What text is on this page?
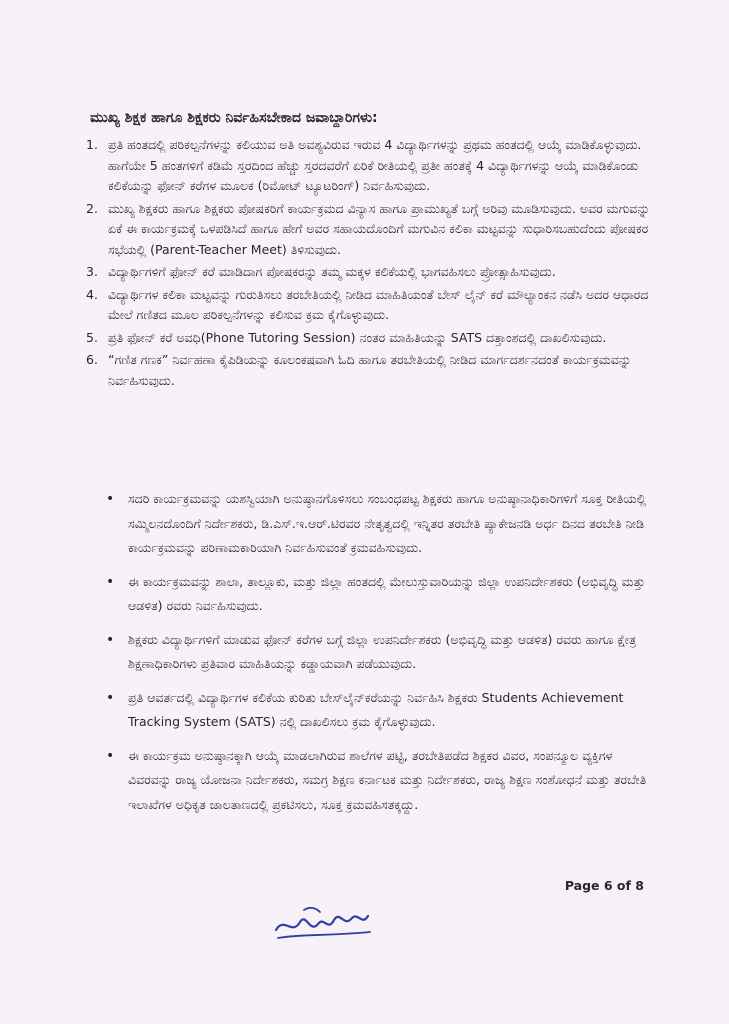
ಮುಖ್ಯ ಶಿಕ್ಷಕ ಹಾಗೂ ಶಿಕ್ಷಕರು ನಿರ್ವಹಿಸಬೇಕಾದ ಜವಾಬ್ದಾರಿಗಳು:
1. ಪ್ರತಿ ಹಂತದಲ್ಲಿ ಪರಿಕಲ್ಪನೆಗಳನ್ನು ಕಲಿಯುವ ಅತಿ ಅವಶ್ಯವಿರುವ ಇರುವ 4 ವಿದ್ಯಾರ್ಥಿಗಳನ್ನು ಪ್ರಥಮ ಹಂತದಲ್ಲಿ ಆಯ್ಕೆ ಮಾಡಿಕೊಳ್ಳುವುದು. ಹಾಗೆಯೇ 5 ಹಂತಗಳಿಗೆ ಕಡಿಮೆ ಸ್ತರದಿಂದ ಹೆಚ್ಚು ಸ್ತರದವರೆಗೆ ಏರಿಕೆ ರೀತಿಯಲ್ಲಿ ಪ್ರತೀ ಹಂತಕ್ಕೆ 4 ವಿದ್ಯಾರ್ಥಿಗಳನ್ನು ಆಯ್ಕೆ ಮಾಡಿಕೊಂಡು ಕಲಿಕೆಯನ್ನು ಫೋನ್ ಕರೆಗಳ ಮೂಲಕ (ರಿಮೋಟ್ ಟ್ಯೂಟರಿಂಗ್) ನಿರ್ವಹಿಸುವುದು.
2. ಮುಖ್ಯ ಶಿಕ್ಷಕರು ಹಾಗೂ ಶಿಕ್ಷಕರು ಪೋಷಕರಿಗೆ ಕಾರ್ಯಕ್ರಮದ ವಿನ್ಯಾಸ ಹಾಗೂ ಪ್ರಾಮುಖ್ಯತೆ ಬಗ್ಗೆ ಅರಿವು ಮೂಡಿಸುವುದು. ಅವರ ಮಗುವನ್ನು ಏಕೆ ಈ ಕಾರ್ಯಕ್ರಮಕ್ಕೆ ಒಳಪಡಿಸಿದೆ ಹಾಗೂ ಹೇಗೆ ಅವರ ಸಹಾಯದೊಂದಿಗೆ ಮಗುವಿನ ಕಲಿಕಾ ಮಟ್ಟವನ್ನು ಸುಧಾರಿಸಬಹುದೆಂದು ಪೋಷಕರ ಸಭೆಯಲ್ಲಿ (Parent-Teacher Meet) ತಿಳಿಸುವುದು.
3. ವಿದ್ಯಾರ್ಥಿಗಳಿಗೆ ಫೋನ್ ಕರೆ ಮಾಡಿದಾಗ ಪೋಷಕರನ್ನು ತಮ್ಮ ಮಕ್ಕಳ ಕಲಿಕೆಯಲ್ಲಿ ಭಾಗವಹಿಸಲು ಪ್ರೋತ್ಸಾಹಿಸುವುದು.
4. ವಿದ್ಯಾರ್ಥಿಗಳ ಕಲಿಕಾ ಮಟ್ಟವನ್ನು ಗುರುತಿಸಲು ತರಬೇತಿಯಲ್ಲಿ ನೀಡಿದ ಮಾಹಿತಿಯಂತೆ ಬೇಸ್ ಲೈನ್ ಕರೆ ಮೌಲ್ಯಾಂಕನ ನಡೆಸಿ ಅದರ ಆಧಾರದ ಮೇಲೆ ಗಣಿತದ ಮೂಲ ಪರಿಕಲ್ಪನೆಗಳನ್ನು ಕಲಿಸುವ ಕ್ರಮ ಕೈಗೊಳ್ಳುವುದು.
5. ಪ್ರತಿ ಫೋನ್ ಕರೆ ಅವಧಿ(Phone Tutoring Session) ನಂತರ ಮಾಹಿತಿಯನ್ನು SATS ದತ್ತಾಂಶದಲ್ಲಿ ದಾಖಲಿಸುವುದು.
6. “ಗಣಿತ ಗಣಕ” ನಿರ್ವಹಣಾ ಕೈಪಿಡಿಯನ್ನು ಕೂಲಂಕಷವಾಗಿ ಓದಿ ಹಾಗೂ ತರಬೇತಿಯಲ್ಲಿ ನೀಡಿದ ಮಾರ್ಗದರ್ಶನದಂತೆ ಕಾರ್ಯಕ್ರಮವನ್ನು ನಿರ್ವಹಿಸುವುದು.
• ಸದರಿ ಕಾರ್ಯಕ್ರಮವನ್ನು ಯಶಸ್ವಿಯಾಗಿ ಅನುಷ್ಠಾನಗೊಳಿಸಲು ಸಂಬಂಧಪಟ್ಟ ಶಿಕ್ಷಕರು ಹಾಗೂ ಅನುಷ್ಠಾನಾಧಿಕಾರಿಗಳಿಗೆ ಸೂಕ್ತ ರೀತಿಯಲ್ಲಿ ಸಮ್ಮಿಲನದೊಂದಿಗೆ ನಿರ್ದೇಶಕರು, ಡಿ.ಎಸ್.ಇ.ಆರ್.ಟಿರವರ ನೇತೃತ್ವದಲ್ಲಿ ಇನ್ನಿತರ ತರಬೇತಿ ಪ್ಯಾಕೇಜನಡಿ ಅರ್ಧ ದಿನದ ತರಬೇತಿ ನೀಡಿ ಕಾರ್ಯಕ್ರಮವನ್ನು ಪರಿಣಾಮಕಾರಿಯಾಗಿ ನಿರ್ವಹಿಸುವಂತೆ ಕ್ರಮವಹಿಸುವುದು.
• ಈ ಕಾರ್ಯಕ್ರಮವನ್ನು ಶಾಲಾ, ತಾಲ್ಲೂಕು, ಮತ್ತು ಜಿಲ್ಲಾ ಹಂತದಲ್ಲಿ ಮೇಲುಸ್ತುವಾರಿಯನ್ನು ಜಿಲ್ಲಾ ಉಪನಿರ್ದೇಶಕರು (ಅಭಿವೃದ್ಧಿ ಮತ್ತು ಆಡಳಿತ) ರವರು ನಿರ್ವಹಿಸುವುದು.
• ಶಿಕ್ಷಕರು ವಿದ್ಯಾರ್ಥಿಗಳಿಗೆ ಮಾಡುವ ಫೋನ್ ಕರೆಗಳ ಬಗ್ಗೆ ಜಿಲ್ಲಾ ಉಪನಿರ್ದೇಶಕರು (ಅಭಿವೃದ್ಧಿ ಮತ್ತು ಆಡಳಿತ) ರವರು ಹಾಗೂ ಕ್ಷೇತ್ರ ಶಿಕ್ಷಣಾಧಿಕಾರಿಗಳು ಪ್ರತಿವಾರ ಮಾಹಿತಿಯನ್ನು ಕಡ್ಡಾಯವಾಗಿ ಪಡೆಯುವುದು.
• ಪ್ರತಿ ಆವರ್ತದಲ್ಲಿ ವಿದ್ಯಾರ್ಥಿಗಳ ಕಲಿಕೆಯ ಕುರಿತು ಬೇಸ್‌ಲೈನ್‌ಕರೆಯನ್ನು ನಿರ್ವಹಿಸಿ ಶಿಕ್ಷಕರು Students Achievement Tracking System (SATS) ನಲ್ಲಿ ದಾಖಲಿಸಲು ಕ್ರಮ ಕೈಗೊಳ್ಳುವುದು.
• ಈ ಕಾರ್ಯಕ್ರಮ ಅನುಷ್ಠಾನಕ್ಕಾಗಿ ಆಯ್ಕೆ ಮಾಡಲಾಗಿರುವ ಶಾಲೆಗಳ ಪಟ್ಟಿ, ತರಬೇತಿಪಡೆದ ಶಿಕ್ಷಕರ ವಿವರ, ಸಂಪನ್ಮೂಲ ವ್ಯಕ್ತಿಗಳ ವಿವರವನ್ನು ರಾಜ್ಯ ಯೋಜನಾ ನಿರ್ದೇಶಕರು, ಸಮಗ್ರ ಶಿಕ್ಷಣ ಕರ್ನಾಟಕ ಮತ್ತು ನಿರ್ದೇಶಕರು, ರಾಜ್ಯ ಶಿಕ್ಷಣ ಸಂಶೋಧನೆ ಮತ್ತು ತರಬೇತಿ ಇಲಾಖೆಗಳ ಅಧಿಕೃತ ಜಾಲತಾಣದಲ್ಲಿ ಪ್ರಕಟಿಸಲು, ಸೂಕ್ತ ಕ್ರಮವಹಿಸತಕ್ಕದ್ದು.
Page 6 of 8
